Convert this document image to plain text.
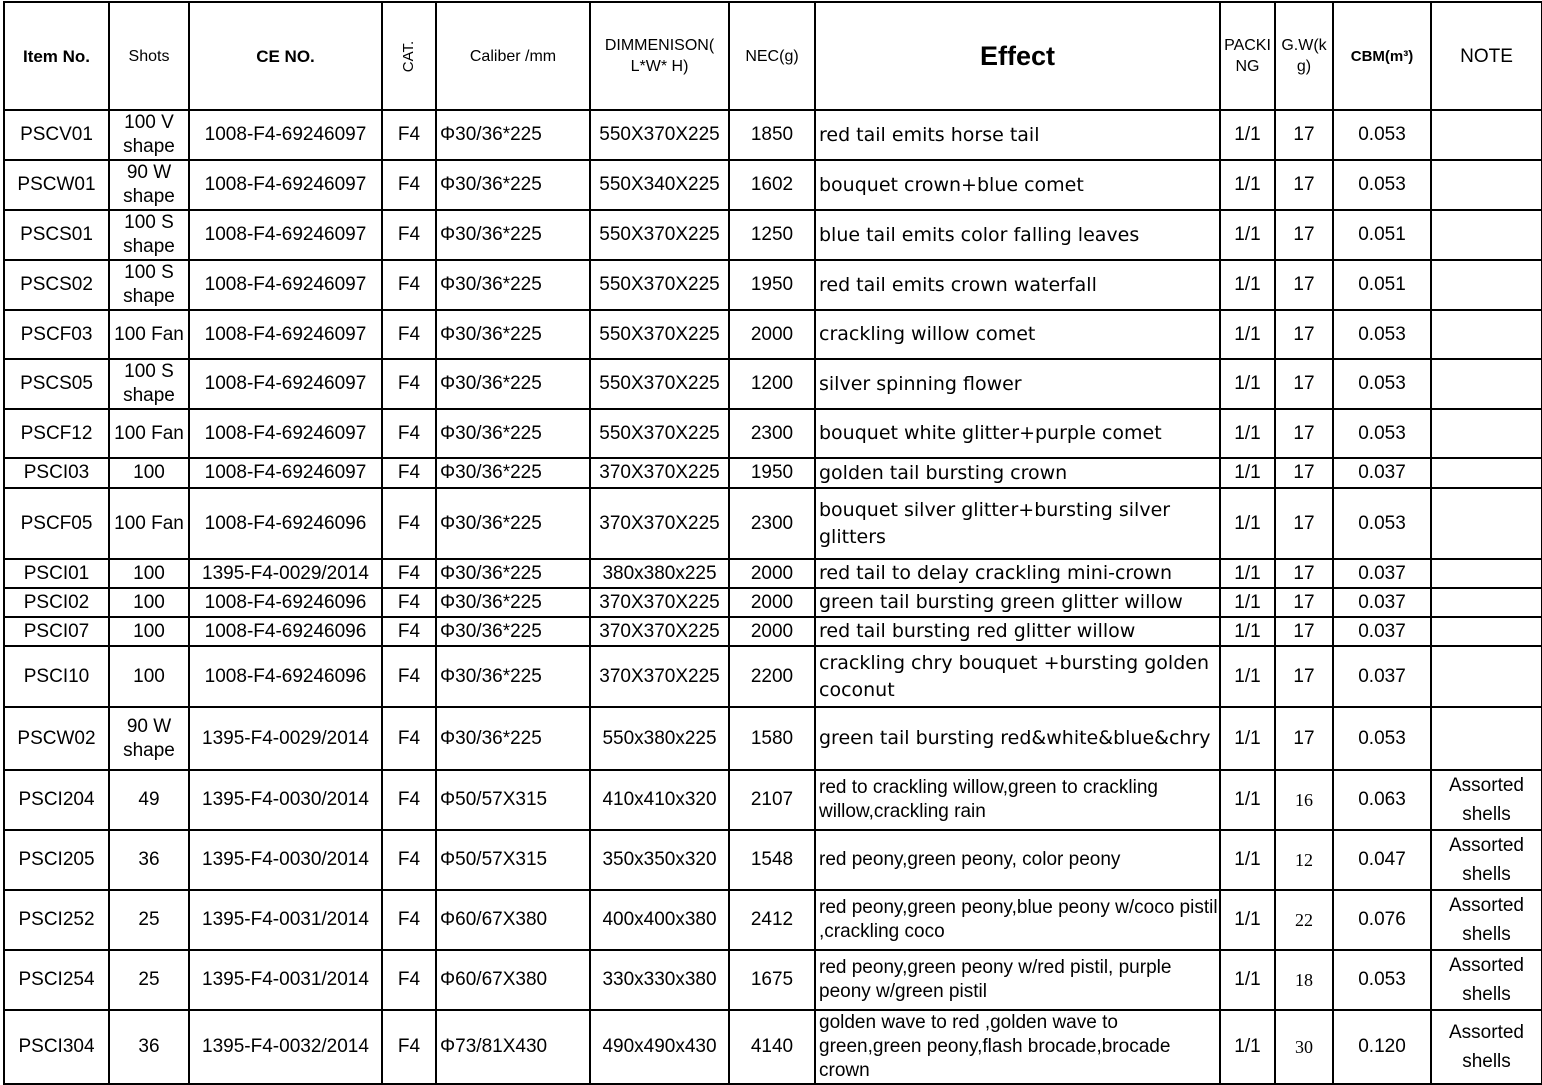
Item No.	Shots	CE NO.	CAT.	Caliber /mm	DIMMENISON( L*W* H)	NEC(g)	Effect	PACKI NG	G.W(k g)	CBM(m³)	NOTE
PSCV01	100 V shape	1008-F4-69246097	F4	Φ30/36*225	550X370X225	1850	red tail emits horse tail	1/1	17	0.053	
PSCW01	90 W shape	1008-F4-69246097	F4	Φ30/36*225	550X340X225	1602	bouquet crown+blue comet	1/1	17	0.053	
PSCS01	100 S shape	1008-F4-69246097	F4	Φ30/36*225	550X370X225	1250	blue tail emits color falling leaves	1/1	17	0.051	
PSCS02	100 S shape	1008-F4-69246097	F4	Φ30/36*225	550X370X225	1950	red tail emits crown waterfall	1/1	17	0.051	
PSCF03	100 Fan	1008-F4-69246097	F4	Φ30/36*225	550X370X225	2000	crackling willow comet	1/1	17	0.053	
PSCS05	100 S shape	1008-F4-69246097	F4	Φ30/36*225	550X370X225	1200	silver spinning flower	1/1	17	0.053	
PSCF12	100 Fan	1008-F4-69246097	F4	Φ30/36*225	550X370X225	2300	bouquet white glitter+purple comet	1/1	17	0.053	
PSCI03	100	1008-F4-69246097	F4	Φ30/36*225	370X370X225	1950	golden tail bursting crown	1/1	17	0.037	
PSCF05	100 Fan	1008-F4-69246096	F4	Φ30/36*225	370X370X225	2300	bouquet silver glitter+bursting silver glitters	1/1	17	0.053	
PSCI01	100	1395-F4-0029/2014	F4	Φ30/36*225	380x380x225	2000	red tail to delay crackling mini-crown	1/1	17	0.037	
PSCI02	100	1008-F4-69246096	F4	Φ30/36*225	370X370X225	2000	green tail bursting green glitter willow	1/1	17	0.037	
PSCI07	100	1008-F4-69246096	F4	Φ30/36*225	370X370X225	2000	red tail bursting red glitter willow	1/1	17	0.037	
PSCI10	100	1008-F4-69246096	F4	Φ30/36*225	370X370X225	2200	crackling chry bouquet +bursting golden coconut	1/1	17	0.037	
PSCW02	90 W shape	1395-F4-0029/2014	F4	Φ30/36*225	550x380x225	1580	green tail bursting red&white&blue&chry	1/1	17	0.053	
PSCI204	49	1395-F4-0030/2014	F4	Φ50/57X315	410x410x320	2107	red to crackling willow,green to crackling willow,crackling rain	1/1	16	0.063	Assorted shells
PSCI205	36	1395-F4-0030/2014	F4	Φ50/57X315	350x350x320	1548	red peony,green peony, color peony	1/1	12	0.047	Assorted shells
PSCI252	25	1395-F4-0031/2014	F4	Φ60/67X380	400x400x380	2412	red peony,green peony,blue peony w/coco pistil ,crackling coco	1/1	22	0.076	Assorted shells
PSCI254	25	1395-F4-0031/2014	F4	Φ60/67X380	330x330x380	1675	red peony,green peony w/red pistil, purple peony w/green pistil	1/1	18	0.053	Assorted shells
PSCI304	36	1395-F4-0032/2014	F4	Φ73/81X430	490x490x430	4140	golden wave to red ,golden wave to green,green peony,flash brocade,brocade crown	1/1	30	0.120	Assorted shells
